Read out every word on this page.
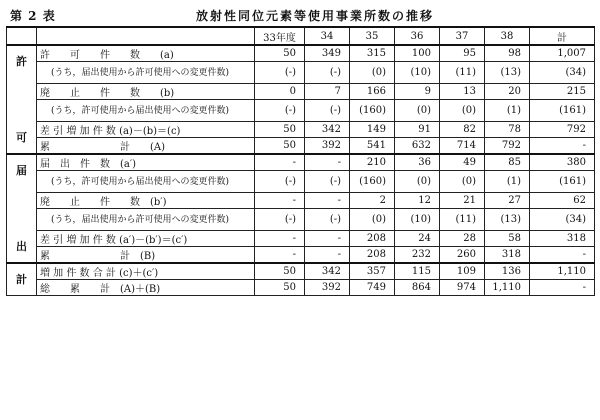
第 2 表	放射性同位元素等使用事業所数の推移
		33年度	34	35	36	37	38	計

許
可	許　　可　　件　　数　　(a)	50	349	315	100	95	98	1,007
	(うち，届出使用から許可使用への変更件数)	(-)	(-)	(0)	(10)	(11)	(13)	(34)
	廃　　止　　件　　数　　(b)	0	7	166	9	13	20	215
	(うち，許可使用から届出使用への変更件数)	(-)	(-)	(160)	(0)	(0)	(1)	(161)
	差 引 増 加 件 数 (a)－(b)＝(c)	50	342	149	91	82	78	792
	累　　　　　　　計　　(A)	50	392	541	632	714	792	-

届
出	届　出　件　数　(a′)	-	-	210	36	49	85	380
	(うち，許可使用から届出使用への変更件数)	(-)	(-)	(160)	(0)	(0)	(1)	(161)
	廃　　止　　件　　数　(b′)	-	-	2	12	21	27	62
	(うち，届出使用から許可使用への変更件数)	(-)	(-)	(0)	(10)	(11)	(13)	(34)
	差 引 増 加 件 数 (a′)－(b′)＝(c′)	-	-	208	24	28	58	318
	累　　　　　　　計　(B)	-	-	208	232	260	318	-

計	増 加 件 数 合 計 (c)＋(c′)	50	342	357	115	109	136	1,110
	総　　累　　計　(A)＋(B)	50	392	749	864	974	1,110	-
